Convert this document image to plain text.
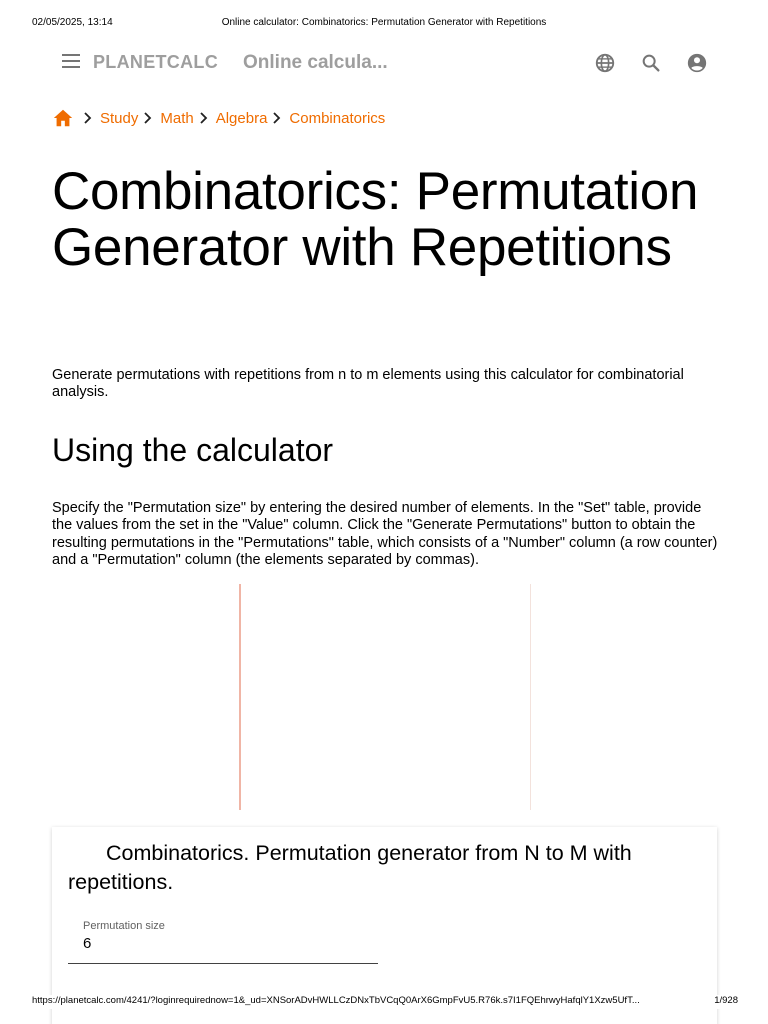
02/05/2025, 13:14	Online calculator: Combinatorics: Permutation Generator with Repetitions
PLANETCALC Online calcula...
Study Math Algebra Combinatorics
Combinatorics: Permutation Generator with Repetitions

Generate permutations with repetitions from n to m elements using this calculator for combinatorial analysis.

Using the calculator

Specify the "Permutation size" by entering the desired number of elements. In the "Set" table, provide the values from the set in the "Value" column. Click the "Generate Permutations" button to obtain the resulting permutations in the "Permutations" table, which consists of a "Number" column (a row counter) and a "Permutation" column (the elements separated by commas).

Combinatorics. Permutation generator from N to M with repetitions.
Permutation size
6
https://planetcalc.com/4241/?loginrequirednow=1&_ud=XNSorADvHWLLCzDNxTbVCqQ0ArX6GmpFvU5.R76k.s7I1FQEhrwyHafqlY1Xzw5UfT...	1/928
